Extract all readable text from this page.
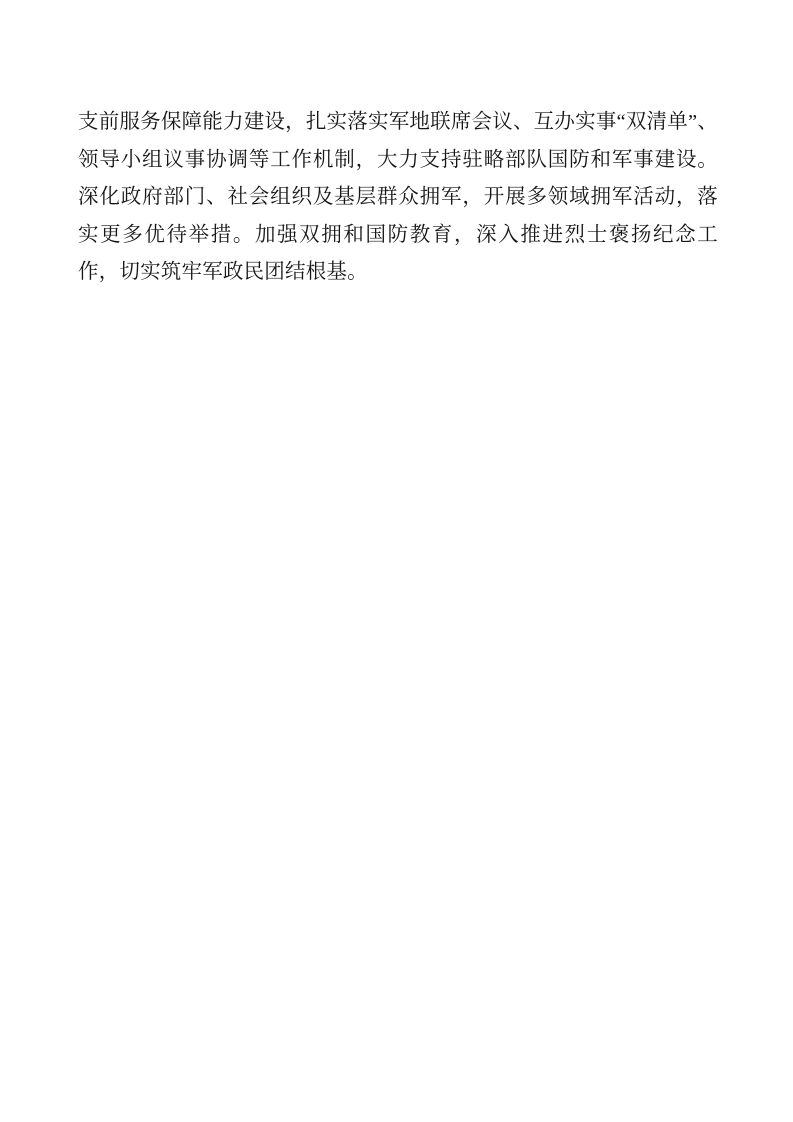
支前服务保障能力建设，扎实落实军地联席会议、互办实事“双清单”、领导小组议事协调等工作机制，大力支持驻略部队国防和军事建设。深化政府部门、社会组织及基层群众拥军，开展多领域拥军活动，落实更多优待举措。加强双拥和国防教育，深入推进烈士褒扬纪念工作，切实筑牢军政民团结根基。
